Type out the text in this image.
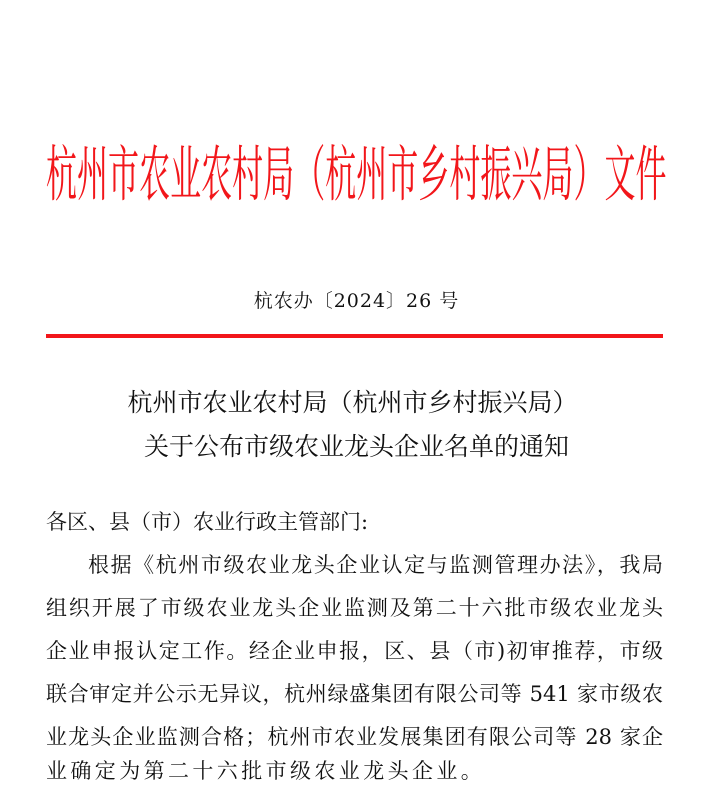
杭州市农业农村局（杭州市乡村振兴局）文件
杭农办〔2024〕26 号
杭州市农业农村局（杭州市乡村振兴局）
关于公布市级农业龙头企业名单的通知
各区、县（市）农业行政主管部门:
根据《杭州市级农业龙头企业认定与监测管理办法》，我局
组织开展了市级农业龙头企业监测及第二十六批市级农业龙头
企业申报认定工作。经企业申报，区、县（市)初审推荐，市级
联合审定并公示无异议，杭州绿盛集团有限公司等 541 家市级农
业龙头企业监测合格；杭州市农业发展集团有限公司等 28 家企
业确定为第二十六批市级农业龙头企业。
